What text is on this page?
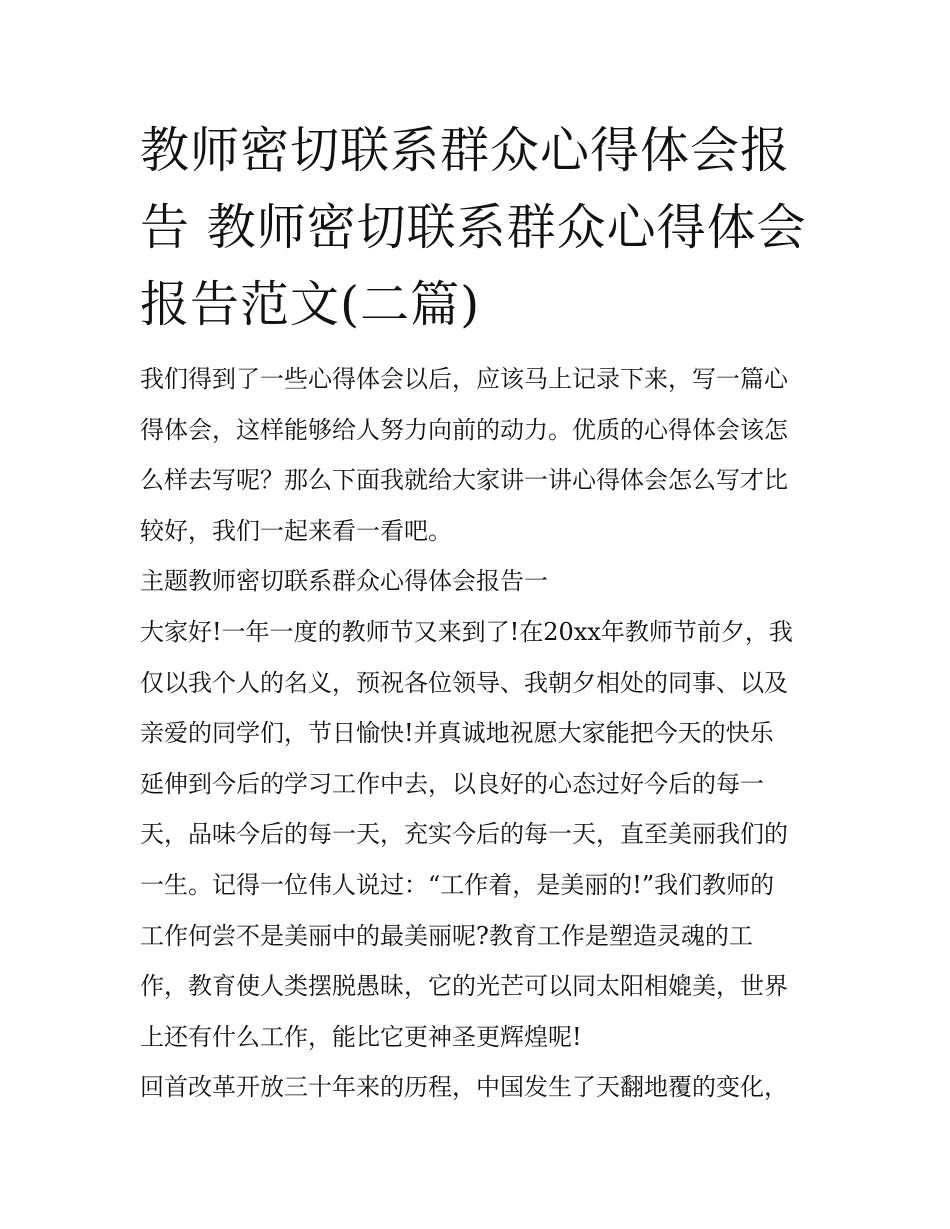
教师密切联系群众心得体会报
告 教师密切联系群众心得体会
报告范文(二篇)

我们得到了一些心得体会以后，应该马上记录下来，写一篇心
得体会，这样能够给人努力向前的动力。优质的心得体会该怎
么样去写呢？那么下面我就给大家讲一讲心得体会怎么写才比
较好，我们一起来看一看吧。

主题教师密切联系群众心得体会报告一

大家好!一年一度的教师节又来到了!在20xx年教师节前夕，我
仅以我个人的名义，预祝各位领导、我朝夕相处的同事、以及
亲爱的同学们，节日愉快!并真诚地祝愿大家能把今天的快乐
延伸到今后的学习工作中去，以良好的心态过好今后的每一
天，品味今后的每一天，充实今后的每一天，直至美丽我们的
一生。记得一位伟人说过：“工作着，是美丽的!”我们教师的
工作何尝不是美丽中的最美丽呢?教育工作是塑造灵魂的工
作，教育使人类摆脱愚昧，它的光芒可以同太阳相媲美，世界
上还有什么工作，能比它更神圣更辉煌呢!

回首改革开放三十年来的历程，中国发生了天翻地覆的变化，
